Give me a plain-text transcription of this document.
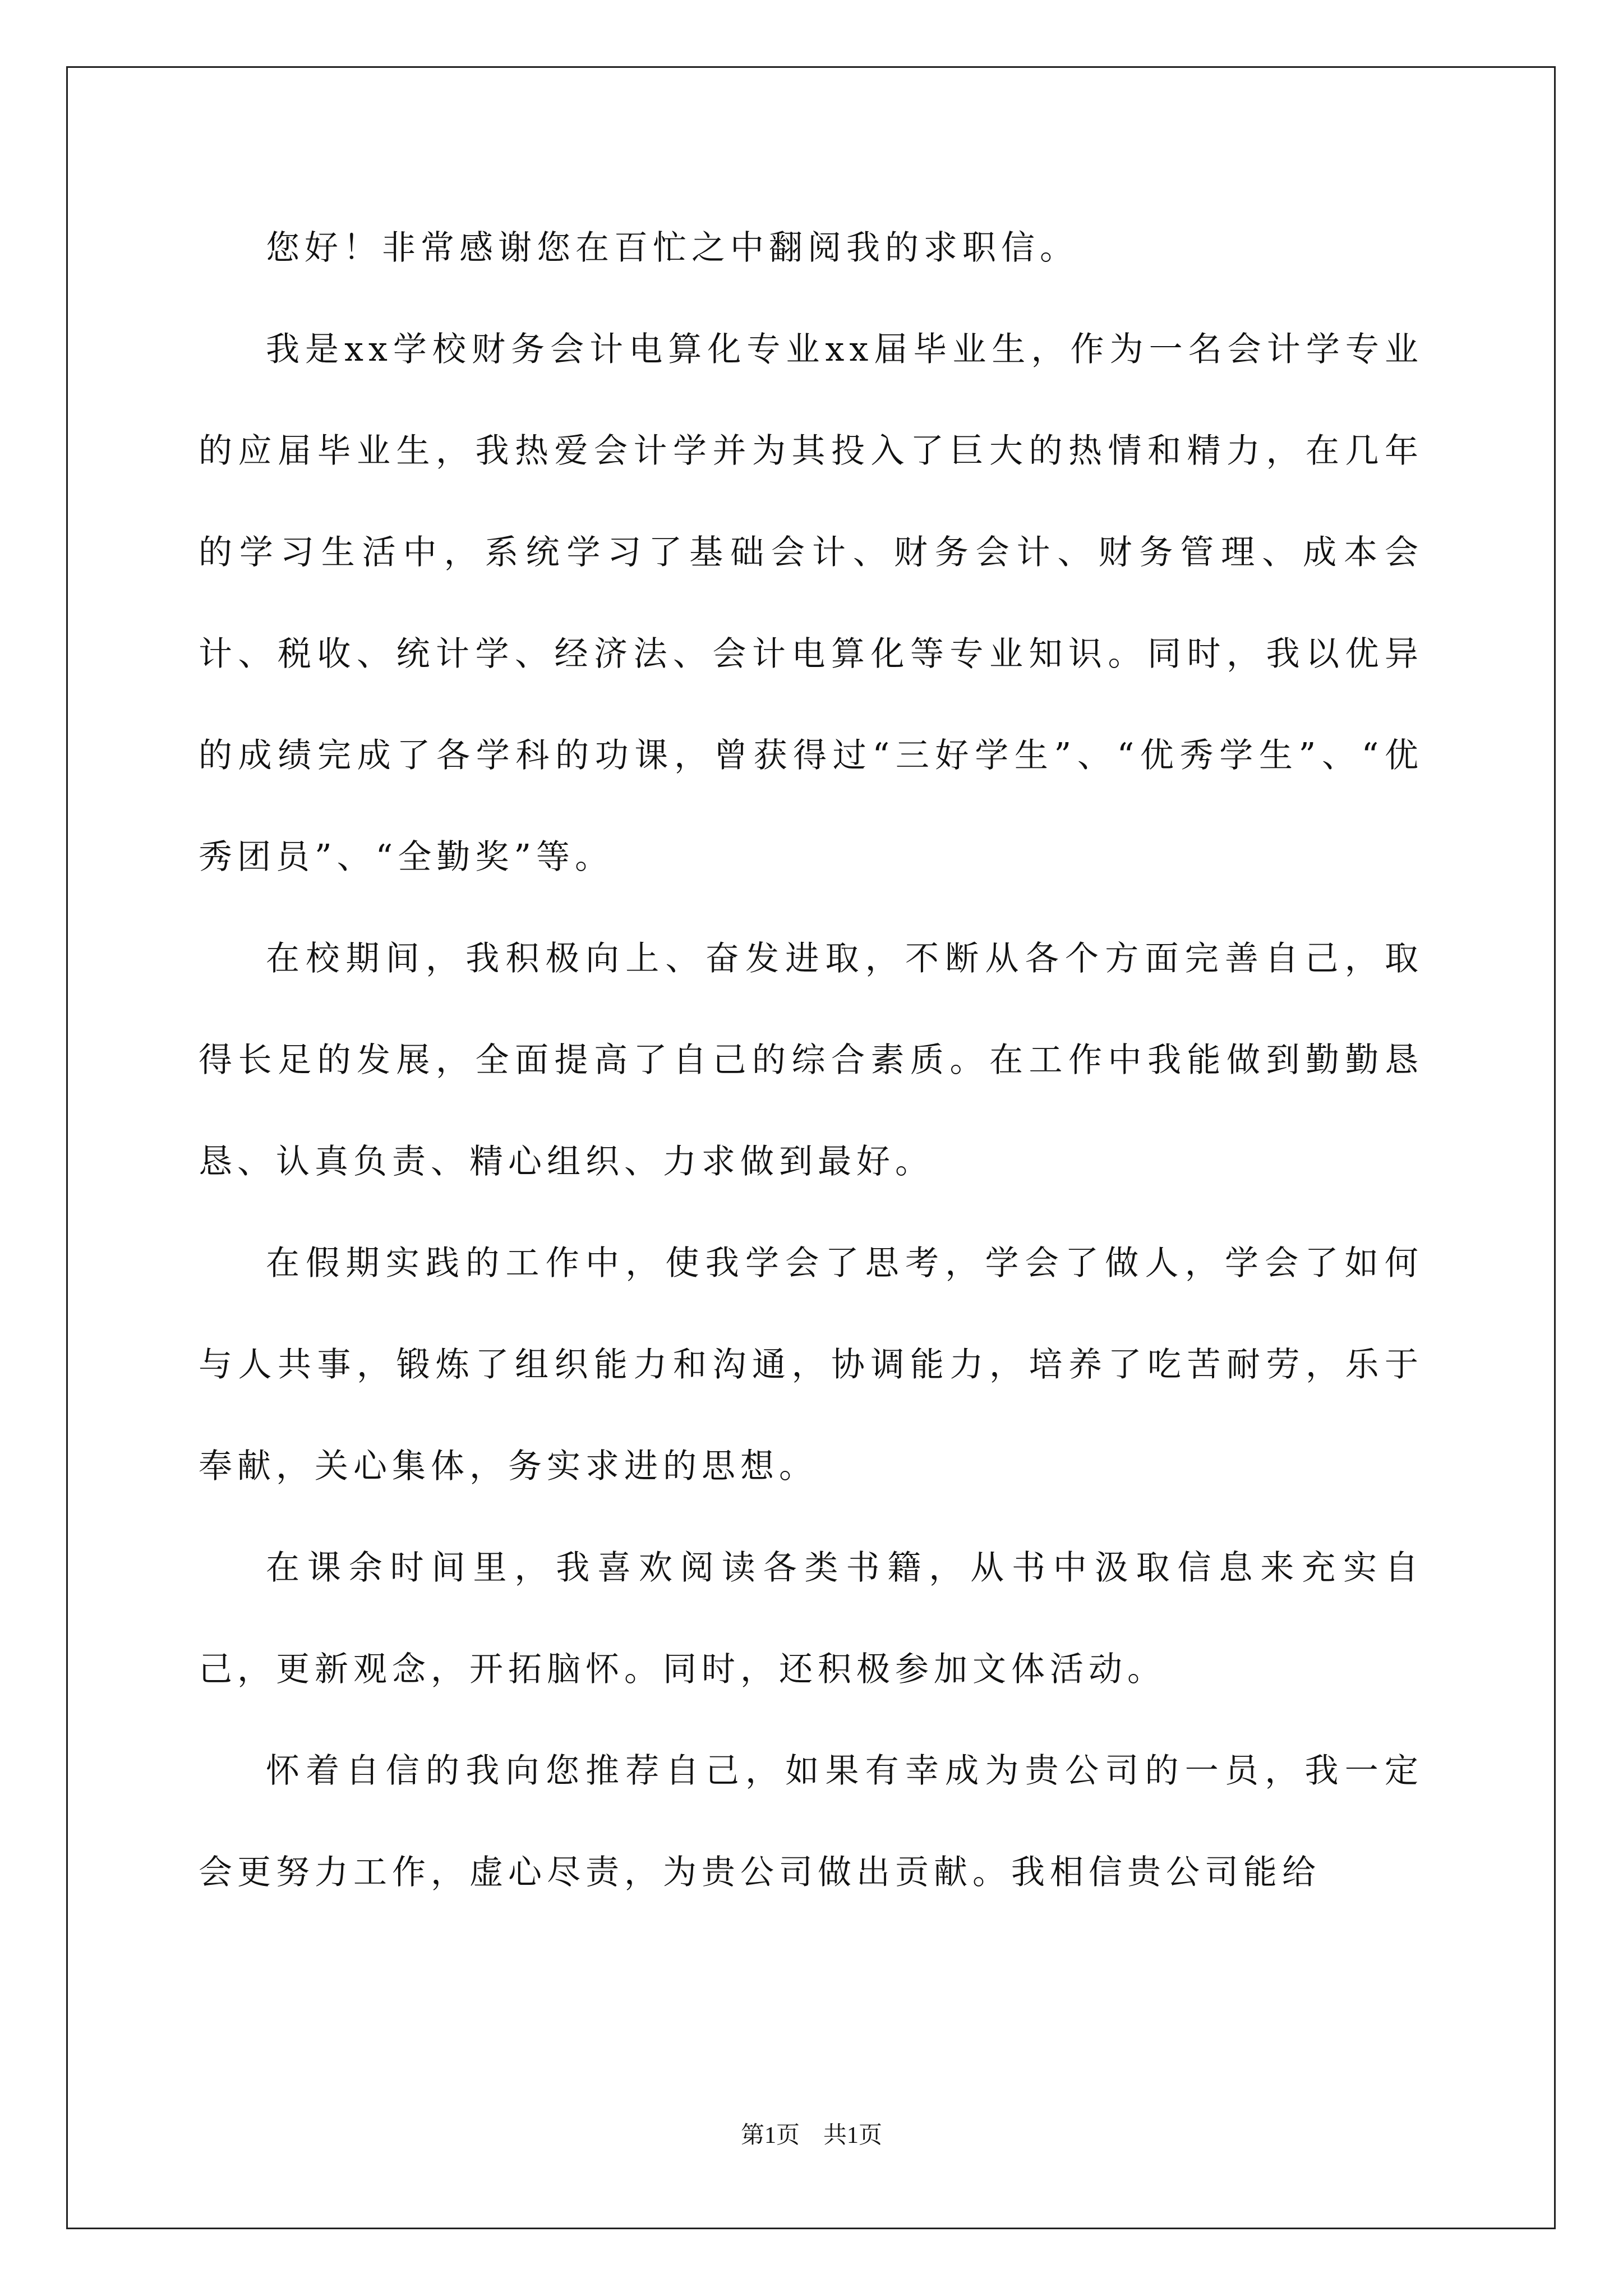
您好！非常感谢您在百忙之中翻阅我的求职信。

我是xx学校财务会计电算化专业xx届毕业生，作为一名会计学专业的应届毕业生，我热爱会计学并为其投入了巨大的热情和精力，在几年的学习生活中，系统学习了基础会计、财务会计、财务管理、成本会计、税收、统计学、经济法、会计电算化等专业知识。同时，我以优异的成绩完成了各学科的功课，曾获得过“三好学生”、“优秀学生”、“优秀团员”、“全勤奖”等。

在校期间，我积极向上、奋发进取，不断从各个方面完善自己，取得长足的发展，全面提高了自己的综合素质。在工作中我能做到勤勤恳恳、认真负责、精心组织、力求做到最好。

在假期实践的工作中，使我学会了思考，学会了做人，学会了如何与人共事，锻炼了组织能力和沟通，协调能力，培养了吃苦耐劳，乐于奉献，关心集体，务实求进的思想。

在课余时间里，我喜欢阅读各类书籍，从书中汲取信息来充实自己，更新观念，开拓脑怀。同时，还积极参加文体活动。

怀着自信的我向您推荐自己，如果有幸成为贵公司的一员，我一定会更努力工作，虚心尽责，为贵公司做出贡献。我相信贵公司能给

第1页　共1页
